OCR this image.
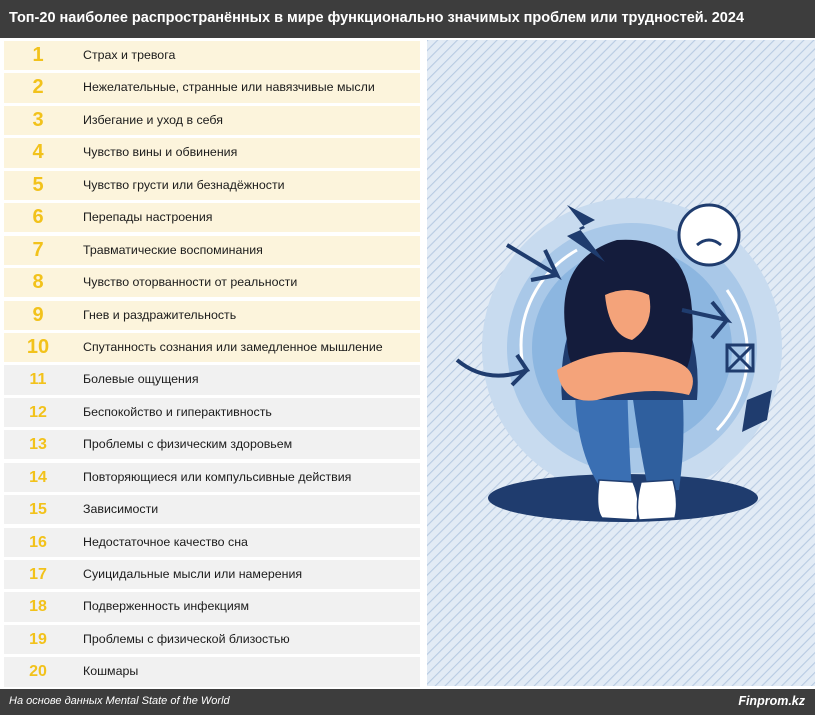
Топ-20 наиболее распространённых в мире функционально значимых проблем или трудностей. 2024
1	Страх и тревога
2	Нежелательные, странные или навязчивые мысли
3	Избегание и уход в себя
4	Чувство вины и обвинения
5	Чувство грусти или безнадёжности
6	Перепады настроения
7	Травматические воспоминания
8	Чувство оторванности от реальности
9	Гнев и раздражительность
10	Спутанность сознания или замедленное мышление
11	Болевые ощущения
12	Беспокойство и гиперактивность
13	Проблемы с физическим здоровьем
14	Повторяющиеся или компульсивные действия
15	Зависимости
16	Недостаточное качество сна
17	Суицидальные мысли или намерения
18	Подверженность инфекциям
19	Проблемы с физической близостью
20	Кошмары
На основе данных Mental State of the World	Finprom.kz
